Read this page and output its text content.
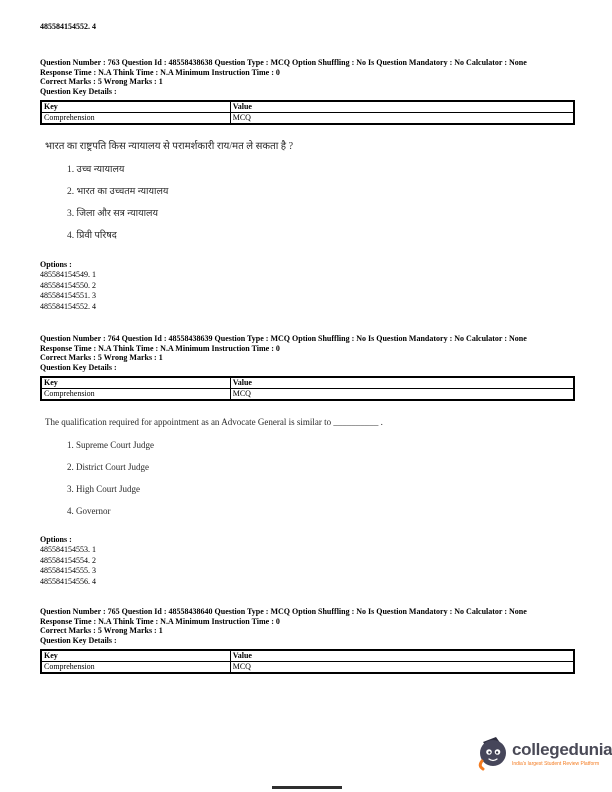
485584154552. 4
Question Number : 763 Question Id : 48558438638 Question Type : MCQ Option Shuffling : No Is Question Mandatory : No Calculator : None
Response Time : N.A Think Time : N.A Minimum Instruction Time : 0
Correct Marks : 5 Wrong Marks : 1
Question Key Details :
Key	Value
Comprehension	MCQ
भारत का राष्ट्रपति किस न्यायालय से परामर्शकारी राय/मत ले सकता है ?
1. उच्च न्यायालय
2. भारत का उच्चतम न्यायालय
3. जिला और सत्र न्यायालय
4. प्रिवी परिषद
Options :
485584154549. 1
485584154550. 2
485584154551. 3
485584154552. 4
Question Number : 764 Question Id : 48558438639 Question Type : MCQ Option Shuffling : No Is Question Mandatory : No Calculator : None
Response Time : N.A Think Time : N.A Minimum Instruction Time : 0
Correct Marks : 5 Wrong Marks : 1
Question Key Details :
Key	Value
Comprehension	MCQ
The qualification required for appointment as an Advocate General is similar to __________ .
1. Supreme Court Judge
2. District Court Judge
3. High Court Judge
4. Governor
Options :
485584154553. 1
485584154554. 2
485584154555. 3
485584154556. 4
Question Number : 765 Question Id : 48558438640 Question Type : MCQ Option Shuffling : No Is Question Mandatory : No Calculator : None
Response Time : N.A Think Time : N.A Minimum Instruction Time : 0
Correct Marks : 5 Wrong Marks : 1
Question Key Details :
Key	Value
Comprehension	MCQ
collegedunia
India's largest Student Review Platform
